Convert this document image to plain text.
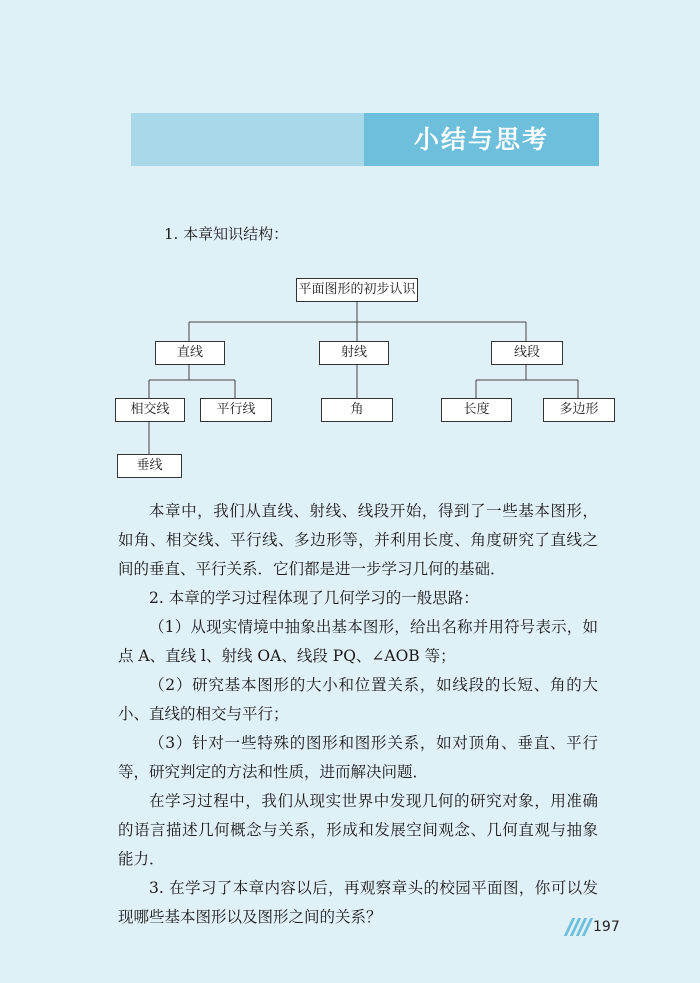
小结与思考
1. 本章知识结构：
平面图形的初步认识
直线	射线	线段
相交线	平行线	角	长度	多边形
垂线

本章中，我们从直线、射线、线段开始，得到了一些基本图形，如角、相交线、平行线、多边形等，并利用长度、角度研究了直线之间的垂直、平行关系．它们都是进一步学习几何的基础．

2. 本章的学习过程体现了几何学习的一般思路：

（1）从现实情境中抽象出基本图形，给出名称并用符号表示，如点 A、直线 l、射线 OA、线段 PQ、∠AOB 等；

（2）研究基本图形的大小和位置关系，如线段的长短、角的大小、直线的相交与平行；

（3）针对一些特殊的图形和图形关系，如对顶角、垂直、平行等，研究判定的方法和性质，进而解决问题．

在学习过程中，我们从现实世界中发现几何的研究对象，用准确的语言描述几何概念与关系，形成和发展空间观念、几何直观与抽象能力．

3. 在学习了本章内容以后，再观察章头的校园平面图，你可以发现哪些基本图形以及图形之间的关系？

197
